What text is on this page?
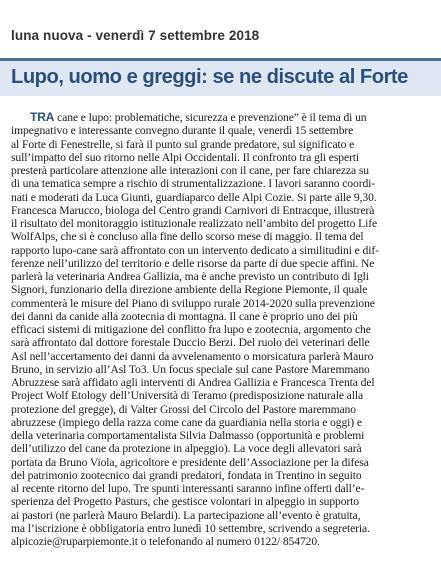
luna nuova - venerdì 7 settembre 2018
Lupo, uomo e greggi: se ne discute al Forte
TRA cane e lupo: problematiche, sicurezza e prevenzione” è il tema di un
impegnativo e interessante convegno durante il quale, venerdì 15 settembre
al Forte di Fenestrelle, si farà il punto sul grande predatore, sul significato e
sull’impatto del suo ritorno nelle Alpi Occidentali. Il confronto tra gli esperti
presterà particolare attenzione alle interazioni con il cane, per fare chiarezza su
di una tematica sempre a rischio di strumentalizzazione. I lavori saranno coordi-
nati e moderati da Luca Giunti, guardiaparco delle Alpi Cozie. Si parte alle 9,30.
Francesca Marucco, biologa del Centro grandi Carnivori di Entracque, illustrerà
il risultato del monitoraggio istituzionale realizzato nell’ambito del progetto Life
WolfAlps, che si è concluso alla fine dello scorso mese di maggio. Il tema del
rapporto lupo-cane sarà affrontato con un intervento dedicato a similitudini e dif-
ferenze nell’utilizzo del territorio e delle risorse da parte di due specie affini. Ne
parlerà la veterinaria Andrea Gallizia, ma è anche previsto un contributo di Igli
Signori, funzionario della direzione ambiente della Regione Piemonte, il quale
commenterà le misure del Piano di sviluppo rurale 2014-2020 sulla prevenzione
dei danni da canide alla zootecnia di montagna. Il cane è proprio uno dei più
efficaci sistemi di mitigazione del conflitto fra lupo e zootecnia, argomento che
sarà affrontato dal dottore forestale Duccio Berzi. Del ruolo dei veterinari delle
Asl nell’accertamento dei danni da avvelenamento o morsicatura parlerà Mauro
Bruno, in servizio all’Asl To3. Un focus speciale sul cane Pastore Maremmano
Abruzzese sarà affidato agli interventi di Andrea Gallizia e Francesca Trenta del
Project Wolf Etology dell’Università di Teramo (predisposizione naturale alla
protezione del gregge), di Valter Grossi del Circolo del Pastore maremmano
abruzzese (impiego della razza come cane da guardiania nella storia e oggi) e
della veterinaria comportamentalista Silvia Dalmasso (opportunità e problemi
dell’utilizzo del cane da protezione in alpeggio). La voce degli allevatori sarà
portata da Bruno Viola, agricoltore e presidente dell’Associazione per la difesa
del patrimonio zootecnico dai grandi predatori, fondata in Trentino in seguito
al recente ritorno del lupo. Tre spunti interessanti saranno infine offerti dall’e-
sperienza del Progetto Pasturs, che gestisce volontari in alpeggio in supporto
ai pastori (ne parlerà Mauro Belardi). La partecipazione all’evento è gratuita,
ma l’iscrizione è obbligatoria entro lunedì 10 settembre, scrivendo a segreteria.
alpicozie@ruparpiemonte.it o telefonando al numero 0122/ 854720.
